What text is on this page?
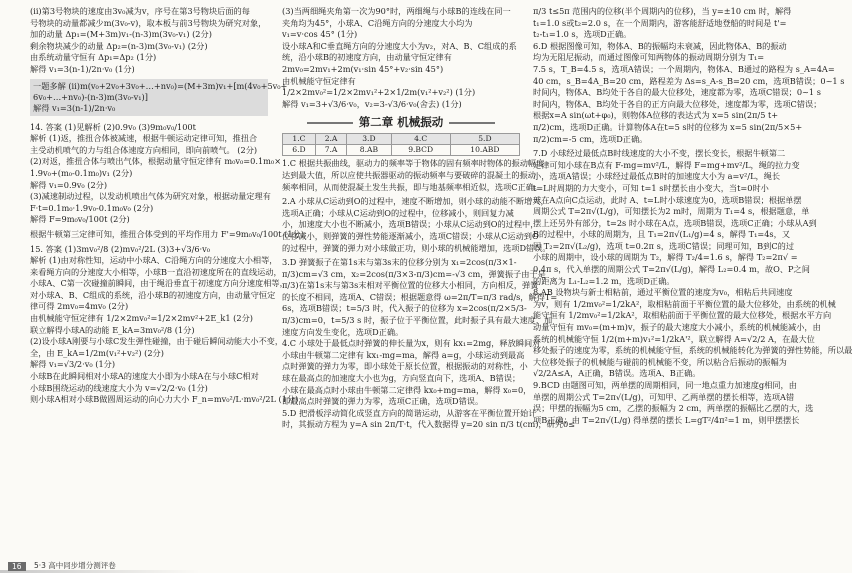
(ⅱ)第3号物块的速度由3v₀减为v，序号在第3号物块后面的每
号物块的动量都减少m(3v₀-v)，取本板与前3号物块为研究对象，
加的动量 Δp₁=(M+3m)v₁-(n-3)m(3v₀-v₁) (2分)
剩余物块减少的动量 Δp₂=(n-3)m(3v₀-v₁) (2分)
由系统动量守恒有 Δp₁=Δp₂ (1分)
解得 v₁=3(n-1)/2n·v₀ (1分)
一题多解 (ⅱ)m(v₀+2v₀+3v₀+…+nv₀)=(M+3m)v₁+[m(4v₀+5v₀+
6v₀+…+nv₀)-(n-3)m(3v₀-v₁)]
解得 v₁=3(n-1)/2n·v₀
14. 答案 (1)见解析 (2)0.9v₀ (3)9m₀v₀/100t
解析 (1)返，推扭合体被减速，根据牛顿运动定律可知，推扭合
主受动机喷气的力与组合体速度方向相同，即向前喷气。 (2分)
(2)对返，推扭合体与喷出气体，根据动量守恒定律有 m₀v₀=0.1m₀×
1.9v₀+(m₀-0.1m₀)v₁ (2分)
解得 v₁=0.9v₀ (2分)
(3)减速制动过程，以发动机喷出气体为研究对象，根据动量定理有
F·t=0.1m₀·1.9v₀-0.1m₀v₀ (2分)
解得 F=9m₀v₀/100t (2分)
根据牛顿第三定律可知，推扭合体受到的平均作用力 F'=9m₀v₀/100t (1分)
15. 答案 (1)3mv₀²/8 (2)mv₀²/2L (3)3+√3/6·v₀
解析 (1)由对称性知，运动中小球A、C沿绳方向的分速度大小相等，
来看绳方向的分速度大小相等，小球B一直沿初速度所在的直线运动，
小球A、C第一次碰撞前瞬间，由于绳沿垂直于初速度方向分速度相等，
对小球A、B、C组成的系统，沿小球B的初速度方向，由动量守恒定
律可得 2mv₀=4mv₀ (2分)
由机械能守恒定律有 1/2×2mv₀²=1/2×2mv²+2E_k1 (2分)
联立解得小球A的动能 E_kA=3mv₀²/8 (1分)
(2)设小球A刚要与小球C发生弹性碰撞，由于碰后瞬间动能大小不变，
全，由 E_kA=1/2m(v₁²+v₂²) (2分)
解得 v₁=√3/2·v₀ (1分)
小球B在此瞬间相对小球A的速度大小即为小球A在与小球C相对
小球B围绕运动的线速度大小为 v=√2/2·v₀ (1分)
则小球A相对小球B做圆周运动的向心力大小 F_n=mv₀²/L·mv₀²/2L (1分)
(3)当两细绳夹角第一次为90°时，两细绳与小球B的连线在同一
夹角均为45°，小球A、C沿绳方向的分速度大小均为
v₁=v·cos 45° (1分)
设小球A和C垂直绳方向的分速度大小为v₂，对A、B、C组成的系
统，沿小球B的初速度方向，由动量守恒定律有
2mv₀=2mv₁+2m(v₁·sin 45°+v₂·sin 45°)
由机械能守恒定律有
1/2×2mv₀²=1/2×2mv₁²+2×1/2m(v₁²+v₂²) (1分)
解得 v₁=3+√3/6·v₀，v₂=3-√3/6·v₀(舍去) (1分)
第二章 机械振动
1.C	2.A	3.D	4.C	5.D
6.D	7.A	8.AB	9.BCD	10.ABD
1.C 根据共振曲线，驱动力的频率等于物体的固有频率时物体的振动幅度
达到最大值，所以应使共振器驱动的振动频率与要破碎的混凝土的振动
频率相同，从而使混凝土发生共振，即与地基频率相近似，选项C正确。
2.A 小球从C运动到O的过程中，速度不断增加，则小球的动能不断增大，
选项A正确；小球从C运动到O的过程中，位移减小，则回复力减
小，加速度大小也不断减小，选项B错误；小球从C运动到O的过程中，
位移减小，则弹簧的弹性势能逐渐减小，选项C错误；小球从C运动到O
的过程中，弹簧的弹力对小球做正功，则小球的机械能增加，选项D错误。
3.D 弹簧振子在第1s末与第3s末的位移分别为 x₁=2cos(π/3×1-
π/3)cm=√3 cm，x₂=2cos(π/3×3-π/3)cm=-√3 cm，弹簧振子由于是
π/3)在第1s末与第3s末相对平衡位置的位移大小相同，方向相反，弹簧
的长度不相同，选项A、C错误；根据题意得 ω=2π/T=π/3 rad/s，解得T=
6s，选项B错误；t=5/3 时，代入振子的位移为 x=2cos(π/2×5/3-
π/3)cm=0，t=5/3 s 时，振子位于平衡位置，此时振子具有最大速度，加
速度方向发生变化，选项D正确。
4.C 小球处于最低点时弹簧的伸长量为x，则有 kx₁=2mg，释放瞬间对
小球由牛顿第二定律有 kx₁-mg=ma，解得 a=g，小球运动到最高
点时弹簧的弹力为零，即小球处于原长位置，根据振动的对称性，小
球在最高点的加速度大小也为g，方向竖直向下，选项A、B错误；
小球在最高点时小球由牛顿第二定律得 kx₀+mg=ma，解得 x₀=0，
即最高点时弹簧的弹力为零，选项C正确，选项D错误。
5.D 把滑板浮动简化成竖直方向的简谐运动，从游客在平衡位置开始计
时，其振动方程为 y=A sin 2π/T·t，代入数据得 y=20 sin π/3 t(cm)，研究0≤
π/3 t≤5π 范围内的位移(半个周期内的位移)，当 y=±10 cm 时，解得
t₁=1.0 s或t₂=2.0 s，在一个周期内，游客能舒适地登船的时间是 t'=
t₂-t₁=1.0 s，选项D正确。
6.D 根据图像可知，物体A、B的振幅均未衰减，因此物体A、B的振动
均为无阻尼振动，而通过图像可知两物体的振动周期分别为 T₁=
7.5 s，T_B=4.5 s，选项A错误；一个周期内，物体A、B通过的路程为 s_A=4A=
40 cm，s_B=4A_B=20 cm，路程差为 Δs=s_A-s_B=20 cm，选项B错误；0~1 s
时间内，物体A、B均处于各自的最大位移处，速度都为零，选项C错误；0~1 s
时间内，物体A、B均处于各自的正方向最大位移处，速度都为零，选项C错误；
根据x=A sin(ωt+φ₀)，则物体A位移的表达式为 x=5 sin(2π/5 t+
π/2)cm，选项D正确。计算物体A在t=5 s时的位移为 x=5 sin(2π/5×5+
π/2)cm=-5 cm，选项D正确。
7.D 小球经过最低点B时线速度的大小不变，摆长变长，根据牛顿第二
定律可知小球在B点有 F-mg=mv²/L，解得 F=mg+mv²/L，绳的拉力变
小，选项A错误；小球经过最低点B时的加速度大小为 a=v²/L，绳长
t=L时周期的力大变小，可知 t=1 s时摆长由小变大，当t=0时小
球在A点向C点运动，此时 A、t=L时小球速度为0，选项B错误；根据单摆
周期公式 T=2π√(L/g)，可知摆长为2 m时，周期为 T₁=4 s，根据题意，单
摆上还另外有部分，t=2s 时小球在A点，选项B错误，选项C正确；小球从A到
B的过程中，小球的周期为，且 T₁=2π√(L₁/g)=4 s，解得 T₁=4s，又
因 T₂=2π√(L₂/g)，选项 t=0.2π s，选项C错误；同理可知，B到C的过
小球的周期中，设小球的周期为 T₂，解得 T₂/4=1.6 s，解得 T₂=2π√ =
0.4π s，代入单摆的周期公式 T=2π√(L/g)，解得 L₂=0.4 m，故O、P之间
的距离为 L₁-L₂=1.2 m，选项D正确。
8.AB 设物块与新士相粘前，通过平衡位置的速度为v₀，相粘后共同速度
为v，则有 1/2mv₀²=1/2kA²，取相粘前面于平衡位置的最大位移处，由系统的机械
能守恒有 1/2mv₀²=1/2kA²，取相粘前面于平衡位置的最大位移处，根据水平方向
动量守恒有 mv₀=(m+m)v，振子的最大速度大小减小，系统的机械能减小，由
系统的机械能守恒 1/2(m+m)v₁²=1/2kA'²，联立解得 A=√2/2 A，在最大位
移处振子的速度为零，系统的机械能守恒，系统的机械能转化为弹簧的弹性势能，所以最
大位移处振子的机械能与碰前的机械能不变，所以粘合后振动的振幅为
√2/2A≤A，A正确，B错误。选项A、B正确。
9.BCD 由题图可知，两单摆的周期相同，同一地点重力加速度g相同，由
单摆的周期公式 T=2π√(L/g)，可知甲、乙两单摆的摆长相等，选项A错
误；甲摆的振幅为5 cm，乙摆的振幅为 2 cm，两单摆的振幅比乙摆的大，选
项B正确；由 T=2π√(L/g) 得单摆的摆长 L=gT²/4π²=1 m，则甲摆摆长
16	5·3 高中同步增分测评卷
